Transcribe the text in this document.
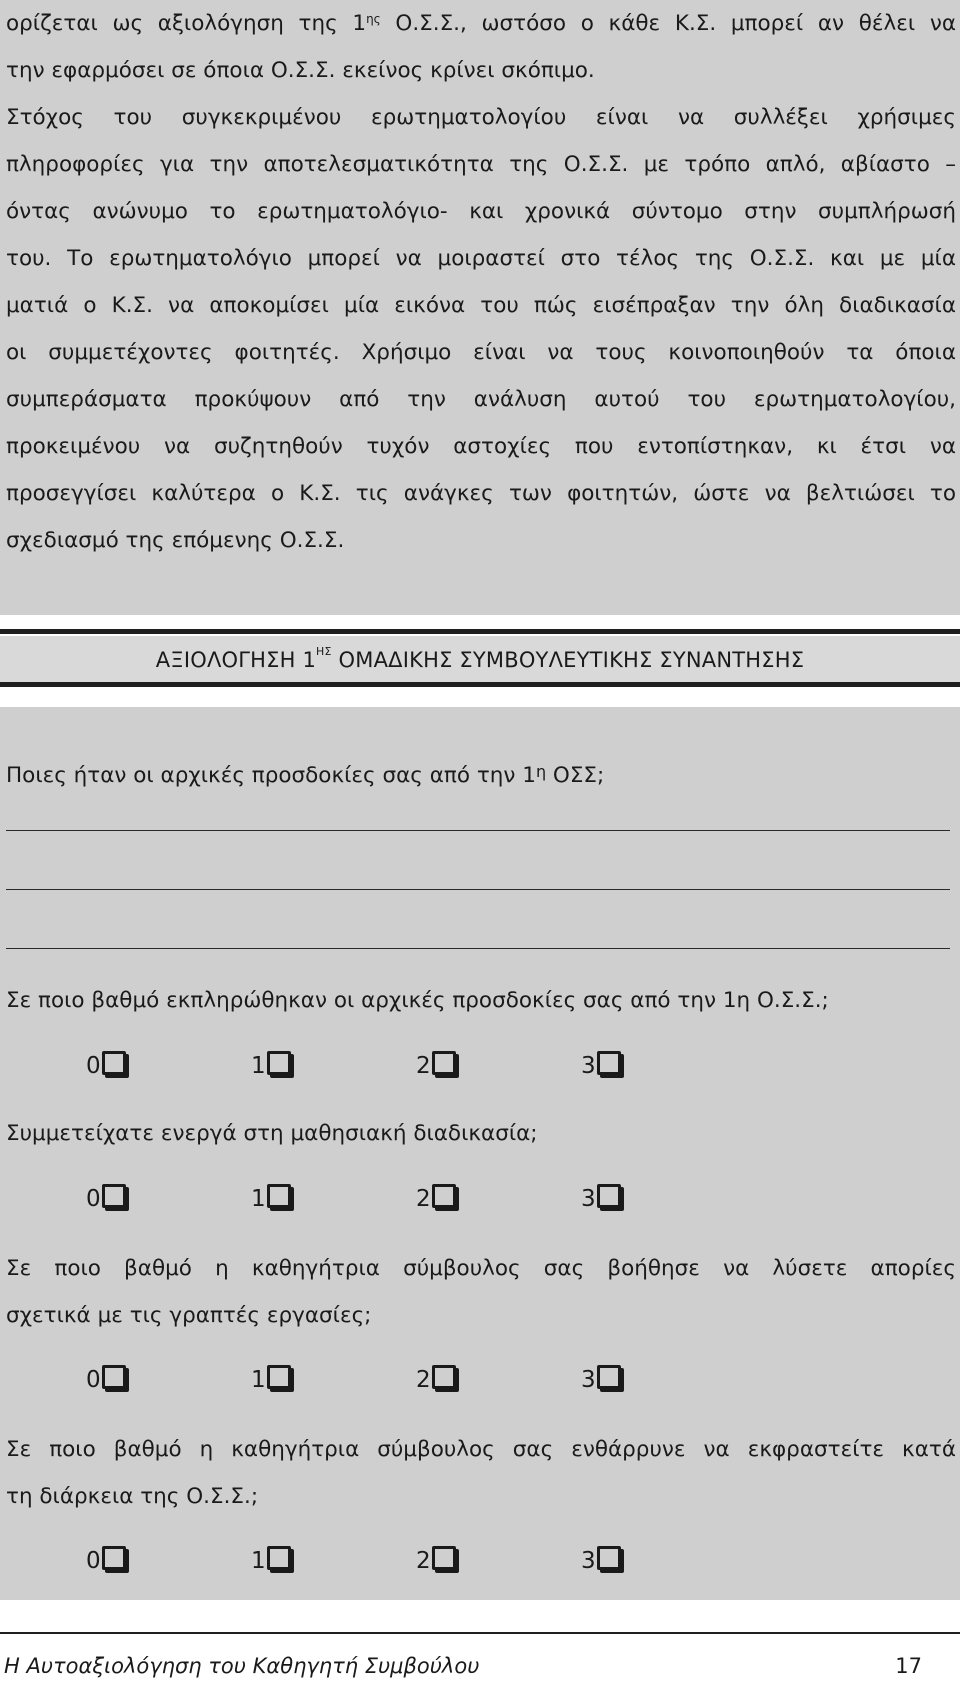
ορίζεται ως αξιολόγηση της $1^{\eta\varsigma}$ Ο.Σ.Σ., ωστόσο ο κάθε Κ.Σ. μπορεί αν θέλει να
την εφαρμόσει σε όποια Ο.Σ.Σ. εκείνος κρίνει σκόπιμο.
Στόχος του συγκεκριμένου ερωτηματολογίου είναι να συλλέξει χρήσιμες
πληροφορίες για την αποτελεσματικότητα της Ο.Σ.Σ. με τρόπο απλό, αβίαστο –
όντας ανώνυμο το ερωτηματολόγιο- και χρονικά σύντομο στην συμπλήρωσή
του. Το ερωτηματολόγιο μπορεί να μοιραστεί στο τέλος της Ο.Σ.Σ. και με μία
ματιά ο Κ.Σ. να αποκομίσει μία εικόνα του πώς εισέπραξαν την όλη διαδικασία
οι συμμετέχοντες φοιτητές. Χρήσιμο είναι να τους κοινοποιηθούν τα όποια
συμπεράσματα προκύψουν από την ανάλυση αυτού του ερωτηματολογίου,
προκειμένου να συζητηθούν τυχόν αστοχίες που εντοπίστηκαν, κι έτσι να
προσεγγίσει καλύτερα ο Κ.Σ. τις ανάγκες των φοιτητών, ώστε να βελτιώσει το
σχεδιασμό της επόμενης Ο.Σ.Σ.
ΑΞΙΟΛΟΓΗΣΗ $1^{H\Sigma}$ ΟΜΑΔΙΚΗΣ ΣΥΜΒΟΥΛΕΥΤΙΚΗΣ ΣΥΝΑΝΤΗΣΗΣ
Ποιες ήταν οι αρχικές προσδοκίες σας από την $1^\eta$ ΟΣΣ;
Σε ποιο βαθμό εκπληρώθηκαν οι αρχικές προσδοκίες σας από την 1η Ο.Σ.Σ.;
0	1	2	3
Συμμετείχατε ενεργά στη μαθησιακή διαδικασία;
0	1	2	3
Σε ποιο βαθμό η καθηγήτρια σύμβουλος σας βοήθησε να λύσετε απορίες
σχετικά με τις γραπτές εργασίες;
0	1	2	3
Σε ποιο βαθμό η καθηγήτρια σύμβουλος σας ενθάρρυνε να εκφραστείτε κατά
τη διάρκεια της Ο.Σ.Σ.;
0	1	2	3
Η Αυτοαξιολόγηση του Καθηγητή Συμβούλου	17
